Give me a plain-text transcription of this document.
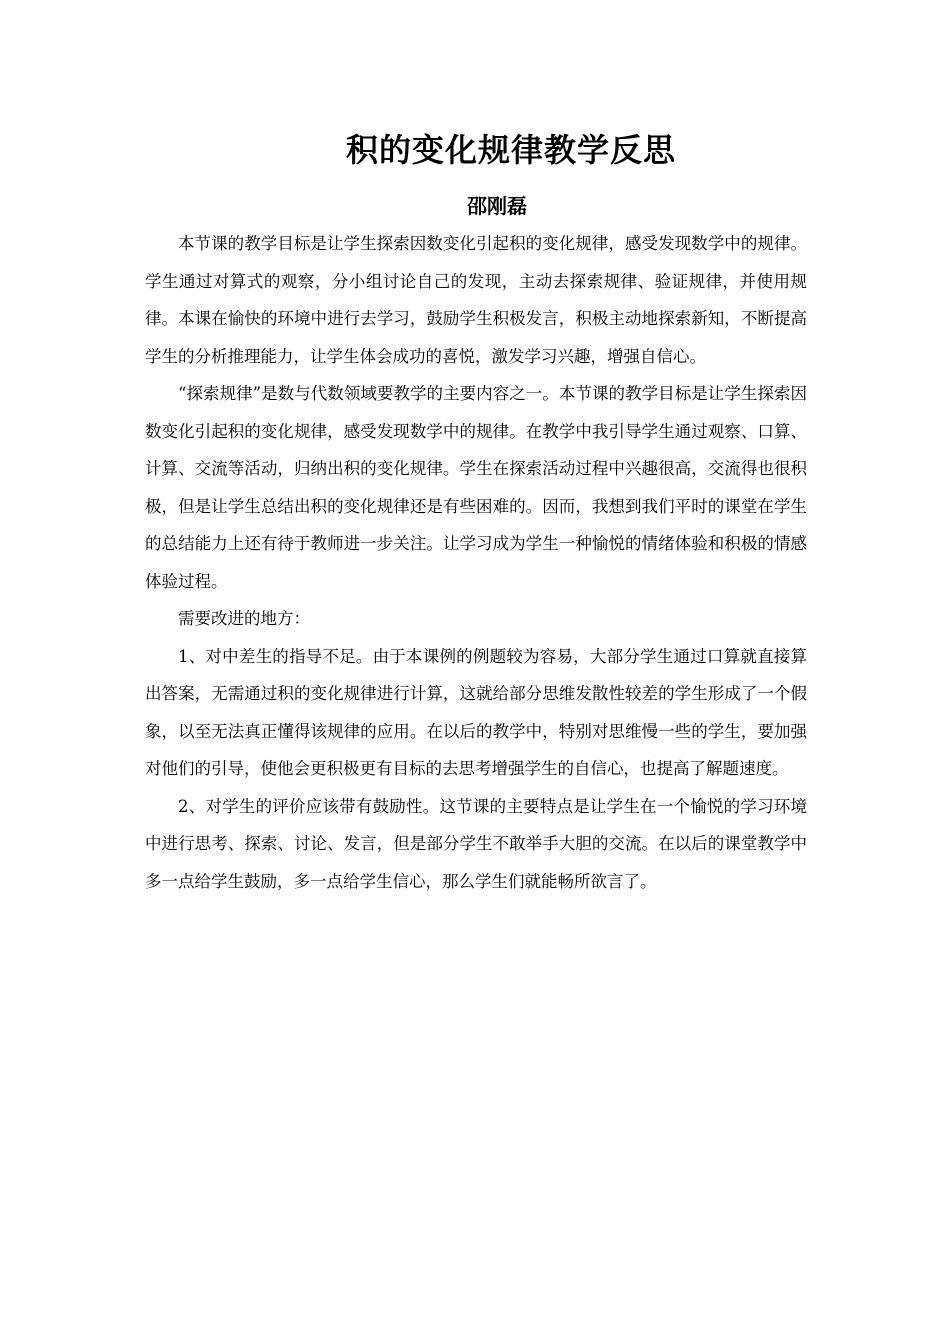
积的变化规律教学反思
邵刚磊

本节课的教学目标是让学生探索因数变化引起积的变化规律，感受发现数学中的规律。学生通过对算式的观察，分小组讨论自己的发现，主动去探索规律、验证规律，并使用规律。本课在愉快的环境中进行去学习，鼓励学生积极发言，积极主动地探索新知，不断提高学生的分析推理能力，让学生体会成功的喜悦，激发学习兴趣，增强自信心。

“探索规律”是数与代数领域要教学的主要内容之一。本节课的教学目标是让学生探索因数变化引起积的变化规律，感受发现数学中的规律。在教学中我引导学生通过观察、口算、计算、交流等活动，归纳出积的变化规律。学生在探索活动过程中兴趣很高，交流得也很积极，但是让学生总结出积的变化规律还是有些困难的。因而，我想到我们平时的课堂在学生的总结能力上还有待于教师进一步关注。让学习成为学生一种愉悦的情绪体验和积极的情感体验过程。

需要改进的地方：

1、对中差生的指导不足。由于本课例的例题较为容易，大部分学生通过口算就直接算出答案，无需通过积的变化规律进行计算，这就给部分思维发散性较差的学生形成了一个假象，以至无法真正懂得该规律的应用。在以后的教学中，特别对思维慢一些的学生，要加强对他们的引导，使他会更积极更有目标的去思考增强学生的自信心，也提高了解题速度。

2、对学生的评价应该带有鼓励性。这节课的主要特点是让学生在一个愉悦的学习环境中进行思考、探索、讨论、发言，但是部分学生不敢举手大胆的交流。在以后的课堂教学中多一点给学生鼓励，多一点给学生信心，那么学生们就能畅所欲言了。
